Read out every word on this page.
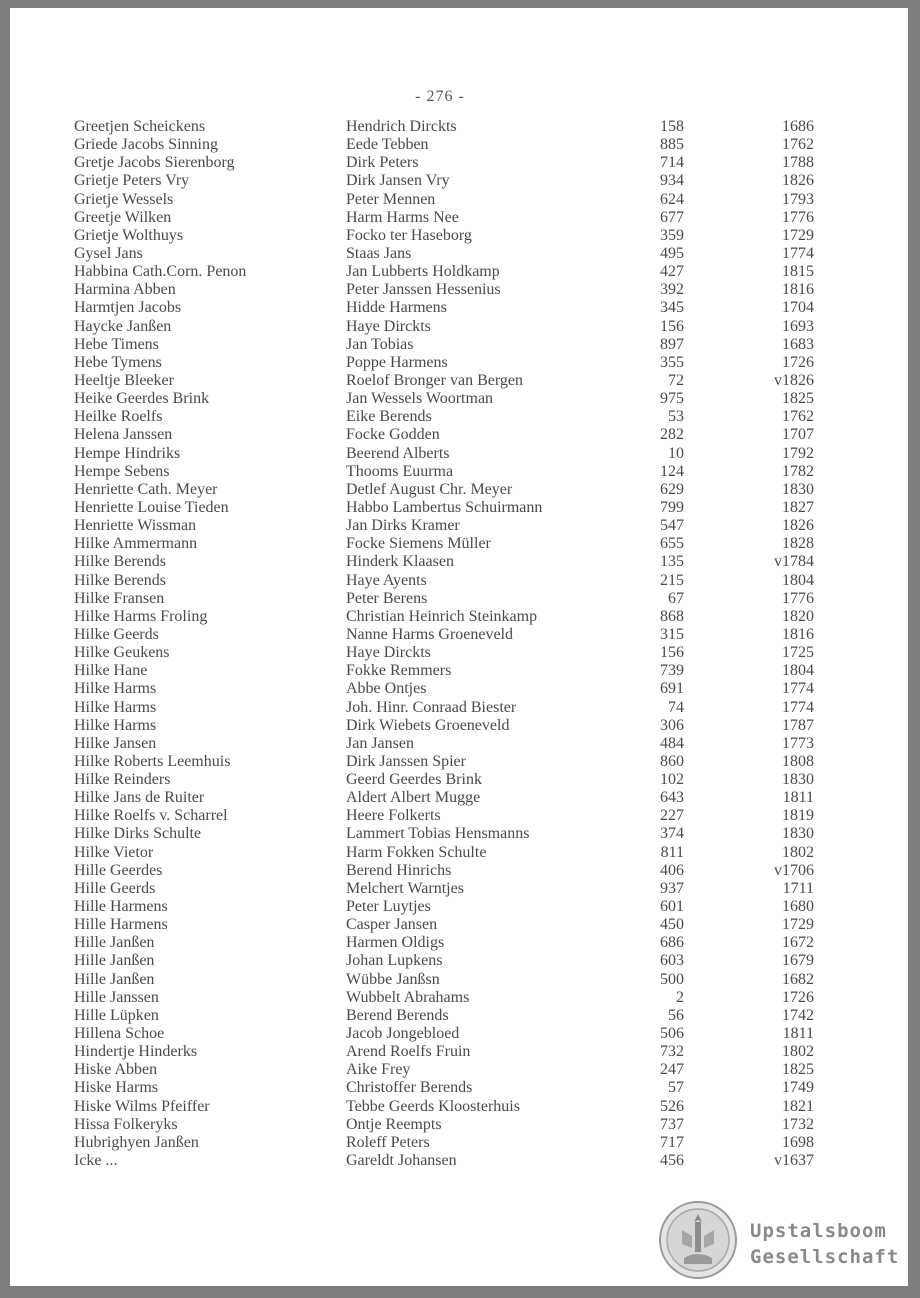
- 276 -
Greetjen Scheickens	Hendrich Dirckts	158	1686
Griede Jacobs Sinning	Eede Tebben	885	1762
Gretje Jacobs Sierenborg	Dirk Peters	714	1788
Grietje Peters Vry	Dirk Jansen Vry	934	1826
Grietje Wessels	Peter Mennen	624	1793
Greetje Wilken	Harm Harms Nee	677	1776
Grietje Wolthuys	Focko ter Haseborg	359	1729
Gysel Jans	Staas Jans	495	1774
Habbina Cath.Corn. Penon	Jan Lubberts Holdkamp	427	1815
Harmina Abben	Peter Janssen Hessenius	392	1816
Harmtjen Jacobs	Hidde Harmens	345	1704
Haycke Janßen	Haye Dirckts	156	1693
Hebe Timens	Jan Tobias	897	1683
Hebe Tymens	Poppe Harmens	355	1726
Heeltje Bleeker	Roelof Bronger van Bergen	72	v1826
Heike Geerdes Brink	Jan Wessels Woortman	975	1825
Heilke Roelfs	Eike Berends	53	1762
Helena Janssen	Focke Godden	282	1707
Hempe Hindriks	Beerend Alberts	10	1792
Hempe Sebens	Thooms Euurma	124	1782
Henriette Cath. Meyer	Detlef August Chr. Meyer	629	1830
Henriette Louise Tieden	Habbo Lambertus Schuirmann	799	1827
Henriette Wissman	Jan Dirks Kramer	547	1826
Hilke Ammermann	Focke Siemens Müller	655	1828
Hilke Berends	Hinderk Klaasen	135	v1784
Hilke Berends	Haye Ayents	215	1804
Hilke Fransen	Peter Berens	67	1776
Hilke Harms Froling	Christian Heinrich Steinkamp	868	1820
Hilke Geerds	Nanne Harms Groeneveld	315	1816
Hilke Geukens	Haye Dirckts	156	1725
Hilke Hane	Fokke Remmers	739	1804
Hilke Harms	Abbe Ontjes	691	1774
Hilke Harms	Joh. Hinr. Conraad Biester	74	1774
Hilke Harms	Dirk Wiebets Groeneveld	306	1787
Hilke Jansen	Jan Jansen	484	1773
Hilke Roberts Leemhuis	Dirk Janssen Spier	860	1808
Hilke Reinders	Geerd Geerdes Brink	102	1830
Hilke Jans de Ruiter	Aldert Albert Mugge	643	1811
Hilke Roelfs v. Scharrel	Heere Folkerts	227	1819
Hilke Dirks Schulte	Lammert Tobias Hensmanns	374	1830
Hilke Vietor	Harm Fokken Schulte	811	1802
Hille Geerdes	Berend Hinrichs	406	v1706
Hille Geerds	Melchert Warntjes	937	1711
Hille Harmens	Peter Luytjes	601	1680
Hille Harmens	Casper Jansen	450	1729
Hille Janßen	Harmen Oldigs	686	1672
Hille Janßen	Johan Lupkens	603	1679
Hille Janßen	Wübbe Janßsn	500	1682
Hille Janssen	Wubbelt Abrahams	2	1726
Hille Lüpken	Berend Berends	56	1742
Hillena Schoe	Jacob Jongebloed	506	1811
Hindertje Hinderks	Arend Roelfs Fruin	732	1802
Hiske Abben	Aike Frey	247	1825
Hiske Harms	Christoffer Berends	57	1749
Hiske Wilms Pfeiffer	Tebbe Geerds Kloosterhuis	526	1821
Hissa Folkeryks	Ontje Reempts	737	1732
Hubrighyen Janßen	Roleff Peters	717	1698
Icke ...	Gareldt Johansen	456	v1637
Upstalsboom
Gesellschaft
